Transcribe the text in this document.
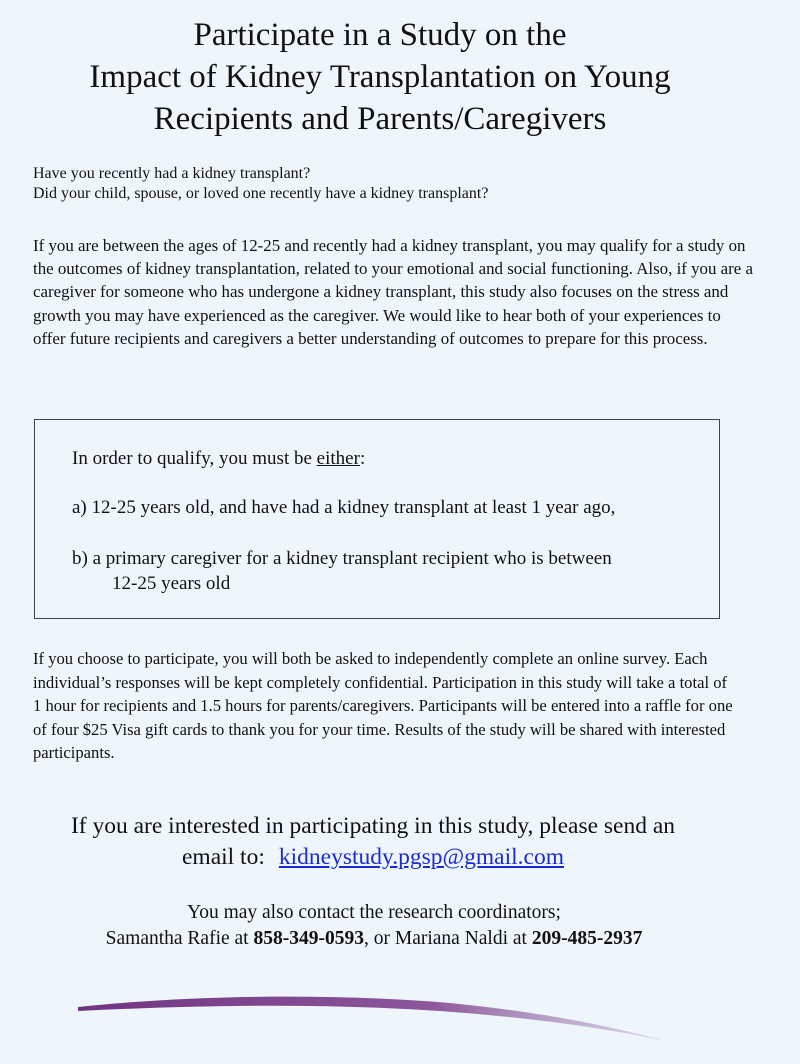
Participate in a Study on the
Impact of Kidney Transplantation on Young
Recipients and Parents/Caregivers
Have you recently had a kidney transplant?
Did your child, spouse, or loved one recently have a kidney transplant?
If you are between the ages of 12-25 and recently had a kidney transplant, you may qualify for a study on the outcomes of kidney transplantation, related to your emotional and social functioning. Also, if you are a caregiver for someone who has undergone a kidney transplant, this study also focuses on the stress and growth you may have experienced as the caregiver. We would like to hear both of your experiences to offer future recipients and caregivers a better understanding of outcomes to prepare for this process.
In order to qualify, you must be either:
a) 12-25 years old, and have had a kidney transplant at least 1 year ago,
b) a primary caregiver for a kidney transplant recipient who is between
12-25 years old
If you choose to participate, you will both be asked to independently complete an online survey. Each individual’s responses will be kept completely confidential. Participation in this study will take a total of 1 hour for recipients and 1.5 hours for parents/caregivers. Participants will be entered into a raffle for one of four $25 Visa gift cards to thank you for your time. Results of the study will be shared with interested participants.
If you are interested in participating in this study, please send an
email to: kidneystudy.pgsp@gmail.com
You may also contact the research coordinators;
Samantha Rafie at 858-349-0593, or Mariana Naldi at 209-485-2937
